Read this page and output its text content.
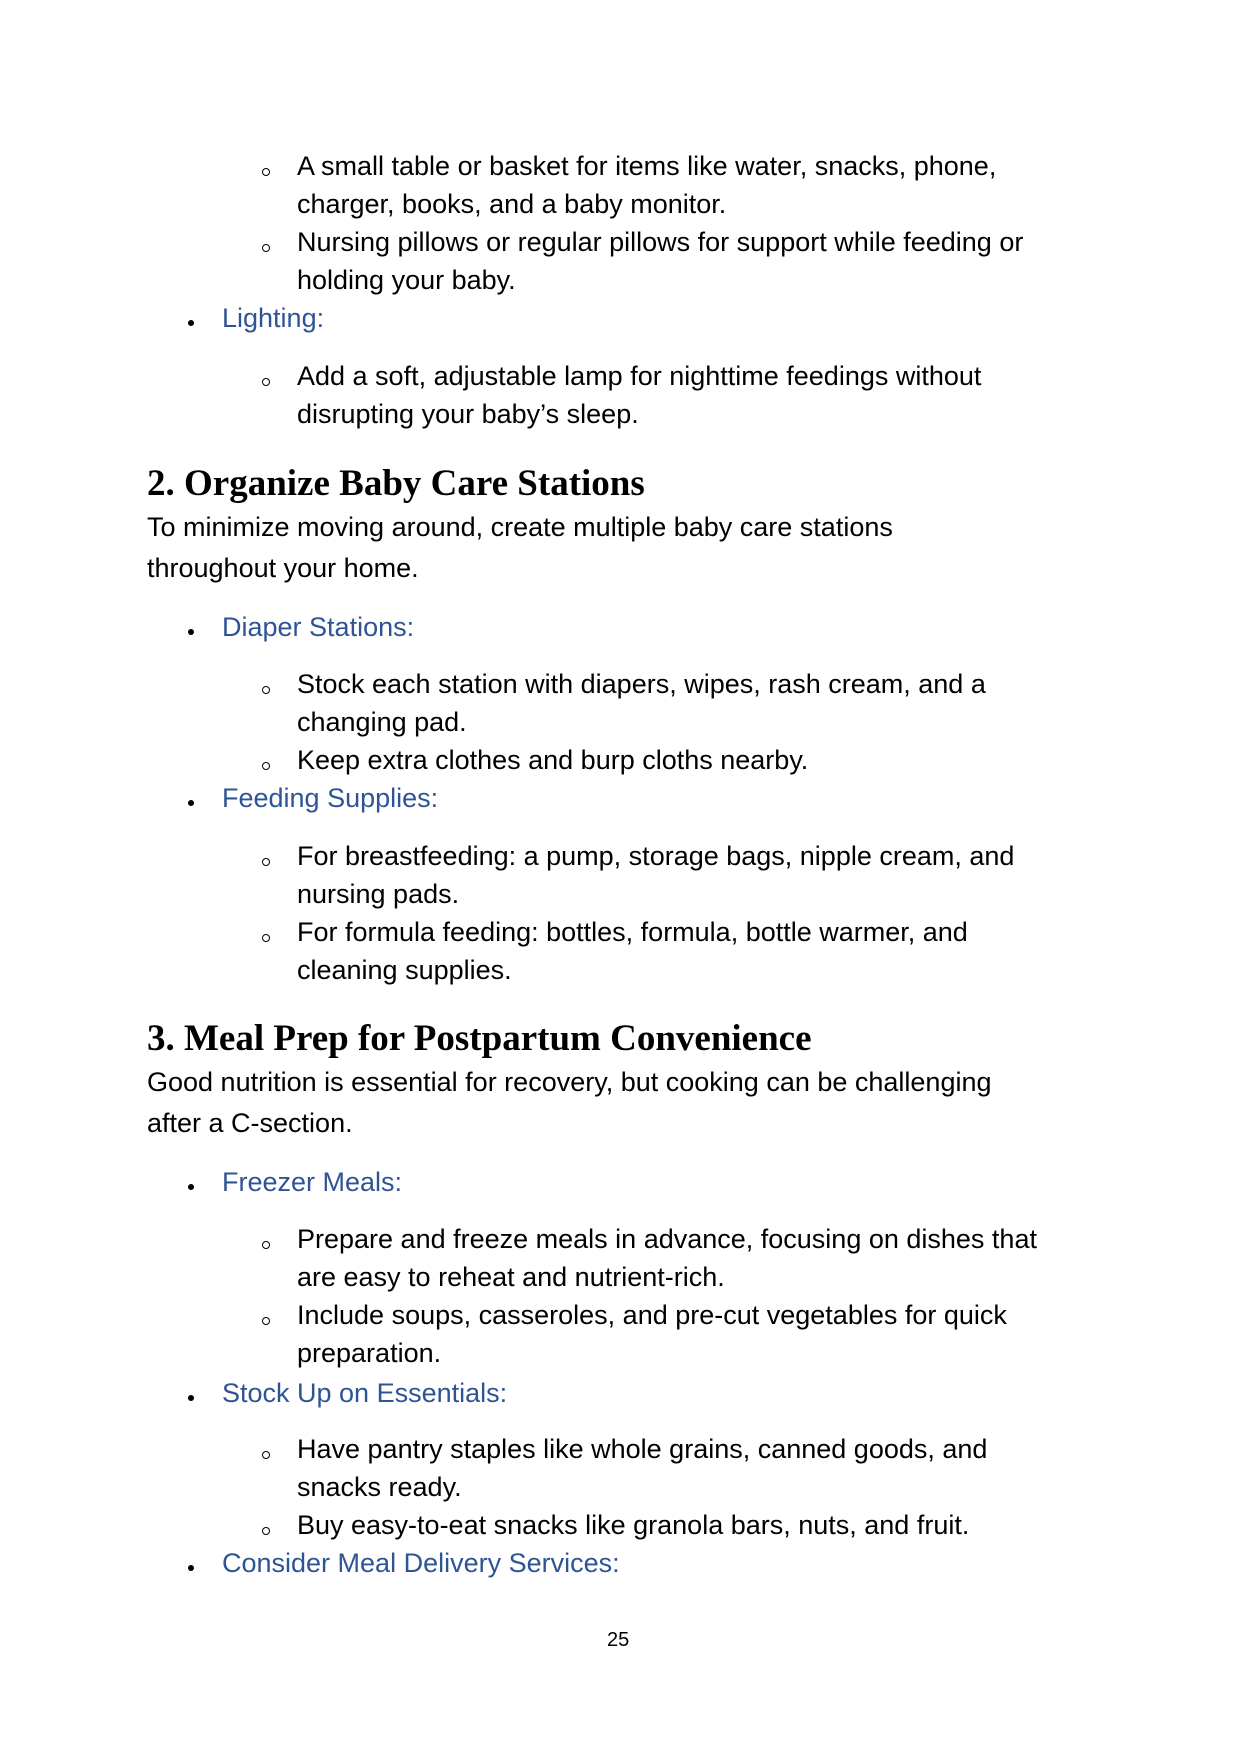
A small table or basket for items like water, snacks, phone,

charger, books, and a baby monitor.

Nursing pillows or regular pillows for support while feeding or

holding your baby.

Lighting:

Add a soft, adjustable lamp for nighttime feedings without

disrupting your baby’s sleep.

2. Organize Baby Care Stations

To minimize moving around, create multiple baby care stations

throughout your home.

Diaper Stations:

Stock each station with diapers, wipes, rash cream, and a

changing pad.

Keep extra clothes and burp cloths nearby.

Feeding Supplies:

For breastfeeding: a pump, storage bags, nipple cream, and

nursing pads.

For formula feeding: bottles, formula, bottle warmer, and

cleaning supplies.

3. Meal Prep for Postpartum Convenience

Good nutrition is essential for recovery, but cooking can be challenging

after a C-section.

Freezer Meals:

Prepare and freeze meals in advance, focusing on dishes that

are easy to reheat and nutrient-rich.

Include soups, casseroles, and pre-cut vegetables for quick

preparation.

Stock Up on Essentials:

Have pantry staples like whole grains, canned goods, and

snacks ready.

Buy easy-to-eat snacks like granola bars, nuts, and fruit.

Consider Meal Delivery Services:

25
